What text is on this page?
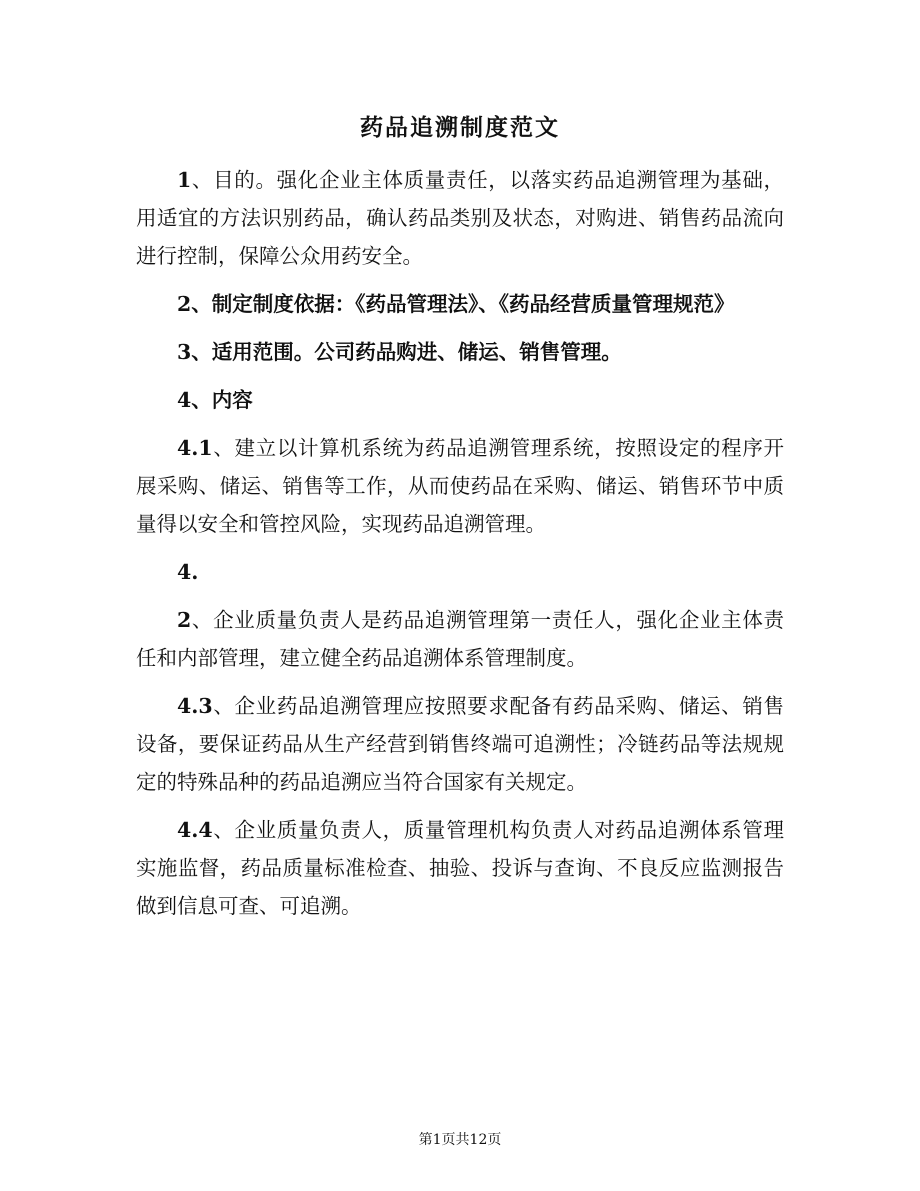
药品追溯制度范文

1、目的。强化企业主体质量责任，以落实药品追溯管理为基础，用适宜的方法识别药品，确认药品类别及状态，对购进、销售药品流向进行控制，保障公众用药安全。

2、制定制度依据：《药品管理法》、《药品经营质量管理规范》

3、适用范围。公司药品购进、储运、销售管理。

4、内容

4.1、建立以计算机系统为药品追溯管理系统，按照设定的程序开展采购、储运、销售等工作，从而使药品在采购、储运、销售环节中质量得以安全和管控风险，实现药品追溯管理。

4.

2、企业质量负责人是药品追溯管理第一责任人，强化企业主体责任和内部管理，建立健全药品追溯体系管理制度。

4.3、企业药品追溯管理应按照要求配备有药品采购、储运、销售设备，要保证药品从生产经营到销售终端可追溯性；冷链药品等法规规定的特殊品种的药品追溯应当符合国家有关规定。

4.4、企业质量负责人，质量管理机构负责人对药品追溯体系管理实施监督，药品质量标准检查、抽验、投诉与查询、不良反应监测报告做到信息可查、可追溯。

第1页共12页
